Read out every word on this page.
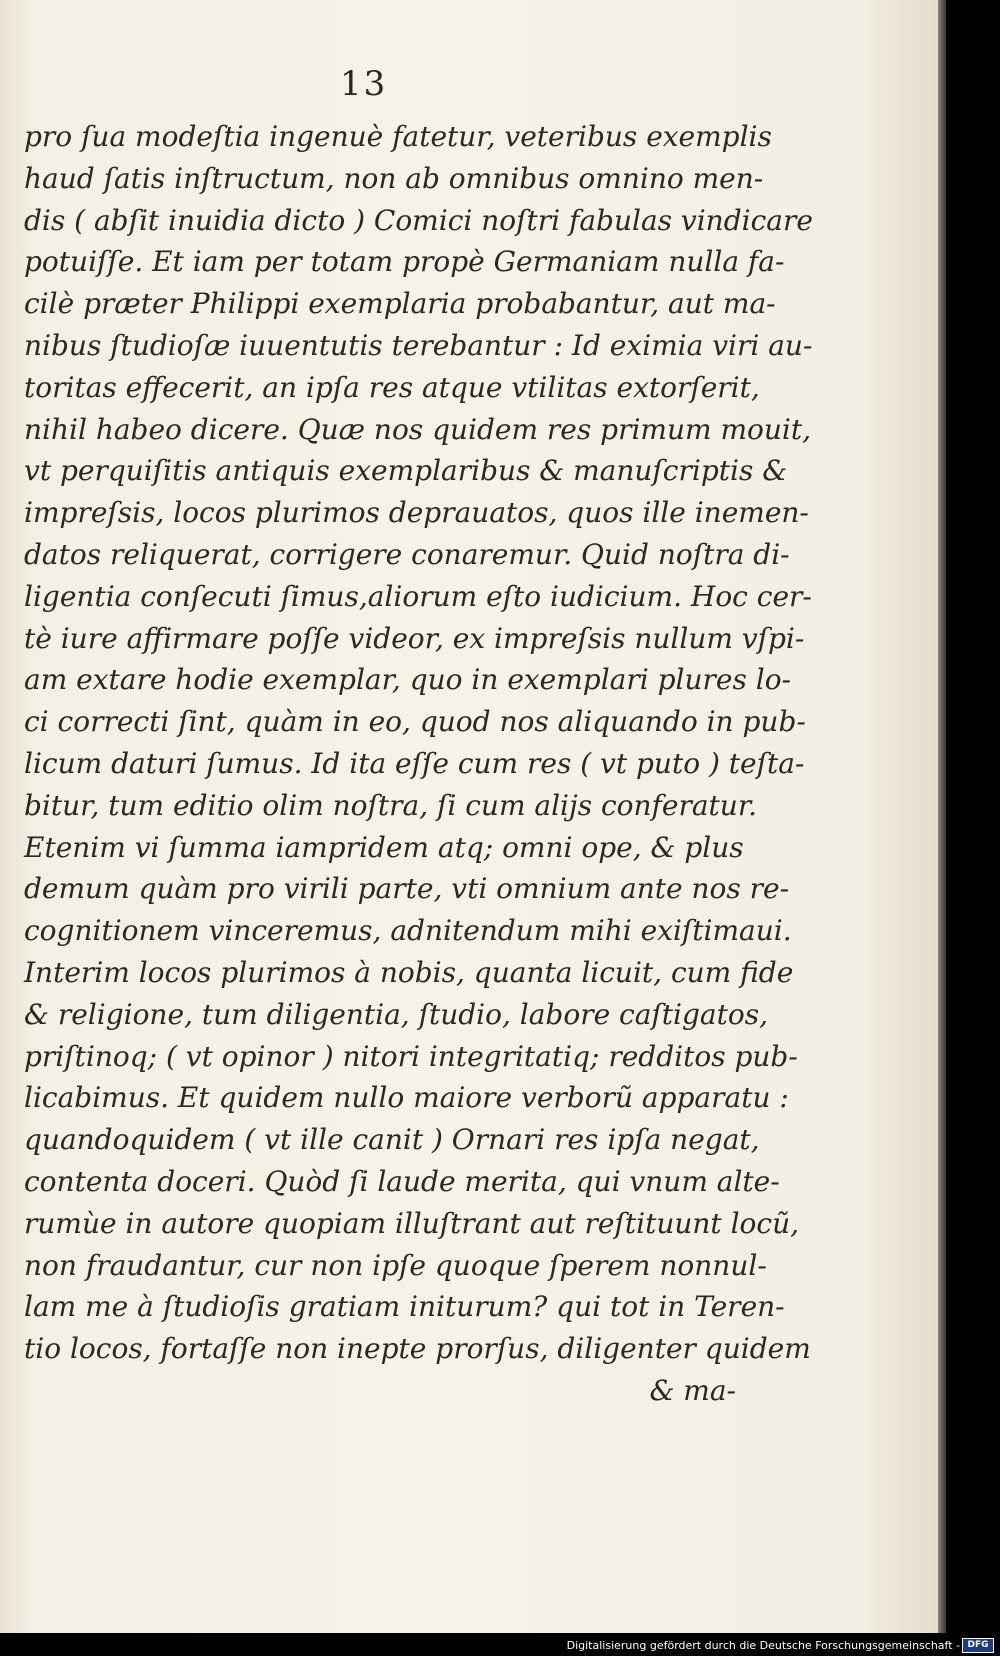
13
pro ſua modeſtia ingenuè fatetur, veteribus exemplis
haud ſatis inſtructum, non ab omnibus omnino men-
dis ( abſit inuidia dicto ) Comici noſtri fabulas vindicare
potuiſſe. Et iam per totam propè Germaniam nulla fa-
cilè præter Philippi exemplaria probabantur, aut ma-
nibus ſtudioſæ iuuentutis terebantur : Id eximia viri au-
toritas effecerit, an ipſa res atque vtilitas extorſerit,
nihil habeo dicere. Quæ nos quidem res primum mouit,
vt perquiſitis antiquis exemplaribus & manuſcriptis &
impreſsis, locos plurimos deprauatos, quos ille inemen-
datos reliquerat, corrigere conaremur. Quid noſtra di-
ligentia conſecuti ſimus,aliorum eſto iudicium. Hoc cer-
tè iure affirmare poſſe videor, ex impreſsis nullum vſpi-
am extare hodie exemplar, quo in exemplari plures lo-
ci correcti ſint, quàm in eo, quod nos aliquando in pub-
licum daturi ſumus. Id ita eſſe cum res ( vt puto ) teſta-
bitur, tum editio olim noſtra, ſi cum alijs conferatur.
Etenim vi ſumma iampridem atq; omni ope, & plus
demum quàm pro virili parte, vti omnium ante nos re-
cognitionem vinceremus, adnitendum mihi exiſtimaui.
Interim locos plurimos à nobis, quanta licuit, cum fide
& religione, tum diligentia, ſtudio, labore caſtigatos,
priſtinoq; ( vt opinor ) nitori integritatiq; redditos pub-
licabimus. Et quidem nullo maiore verborũ apparatu :
quandoquidem ( vt ille canit ) Ornari res ipſa negat,
contenta doceri. Quòd ſi laude merita, qui vnum alte-
rumùe in autore quopiam illuſtrant aut reſtituunt locũ,
non fraudantur, cur non ipſe quoque ſperem nonnul-
lam me à ſtudioſis gratiam initurum? qui tot in Teren-
tio locos, fortaſſe non inepte prorſus, diligenter quidem
& ma-
Digitalisierung gefördert durch die Deutsche Forschungsgemeinschaft - DFG
